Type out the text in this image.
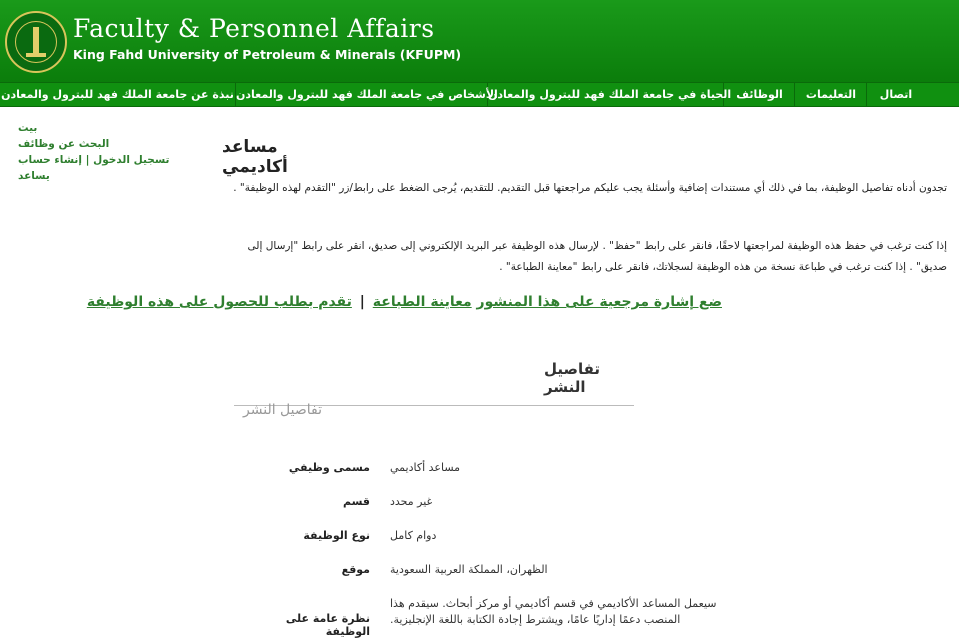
Faculty & Personnel Affairs
King Fahd University of Petroleum & Minerals (KFUPM)
اتصال
التعليمات
الوظائف
الحياة في جامعة الملك فهد للبترول والمعادن
الأشخاص في جامعة الملك فهد للبترول والمعادن
نبذة عن جامعة الملك فهد للبترول والمعادن
بيت
البحث عن وظائف
تسجيل الدخول | إنشاء حساب
يساعد
مساعد أكاديمي
تجدون أدناه تفاصيل الوظيفة، بما في ذلك أي مستندات إضافية وأسئلة يجب عليكم مراجعتها قبل التقديم. للتقديم، يُرجى الضغط على رابط/زر "التقدم لهذه الوظيفة" .
إذا كنت ترغب في حفظ هذه الوظيفة لمراجعتها لاحقًا، فانقر على رابط "حفظ" . لإرسال هذه الوظيفة عبر البريد الإلكتروني إلى صديق، انقر على رابط "إرسال إلى صديق" . إذا كنت ترغب في طباعة نسخة من هذه الوظيفة لسجلاتك، فانقر على رابط "معاينة الطباعة" .
ضع إشارة مرجعية على هذا المنشور معاينة الطباعة | تقدم بطلب للحصول على هذه الوظيفة
تفاصيل النشر
تفاصيل النشر
مسمى وظيفي مساعد أكاديمي
قسم غير محدد
نوع الوظيفة دوام كامل
موقع الظهران، المملكة العربية السعودية
نظرة عامة على الوظيفة
سيعمل المساعد الأكاديمي في قسم أكاديمي أو مركز أبحاث. سيقدم هذا المنصب دعمًا إداريًا عامًا، ويشترط إجادة الكتابة باللغة الإنجليزية.
